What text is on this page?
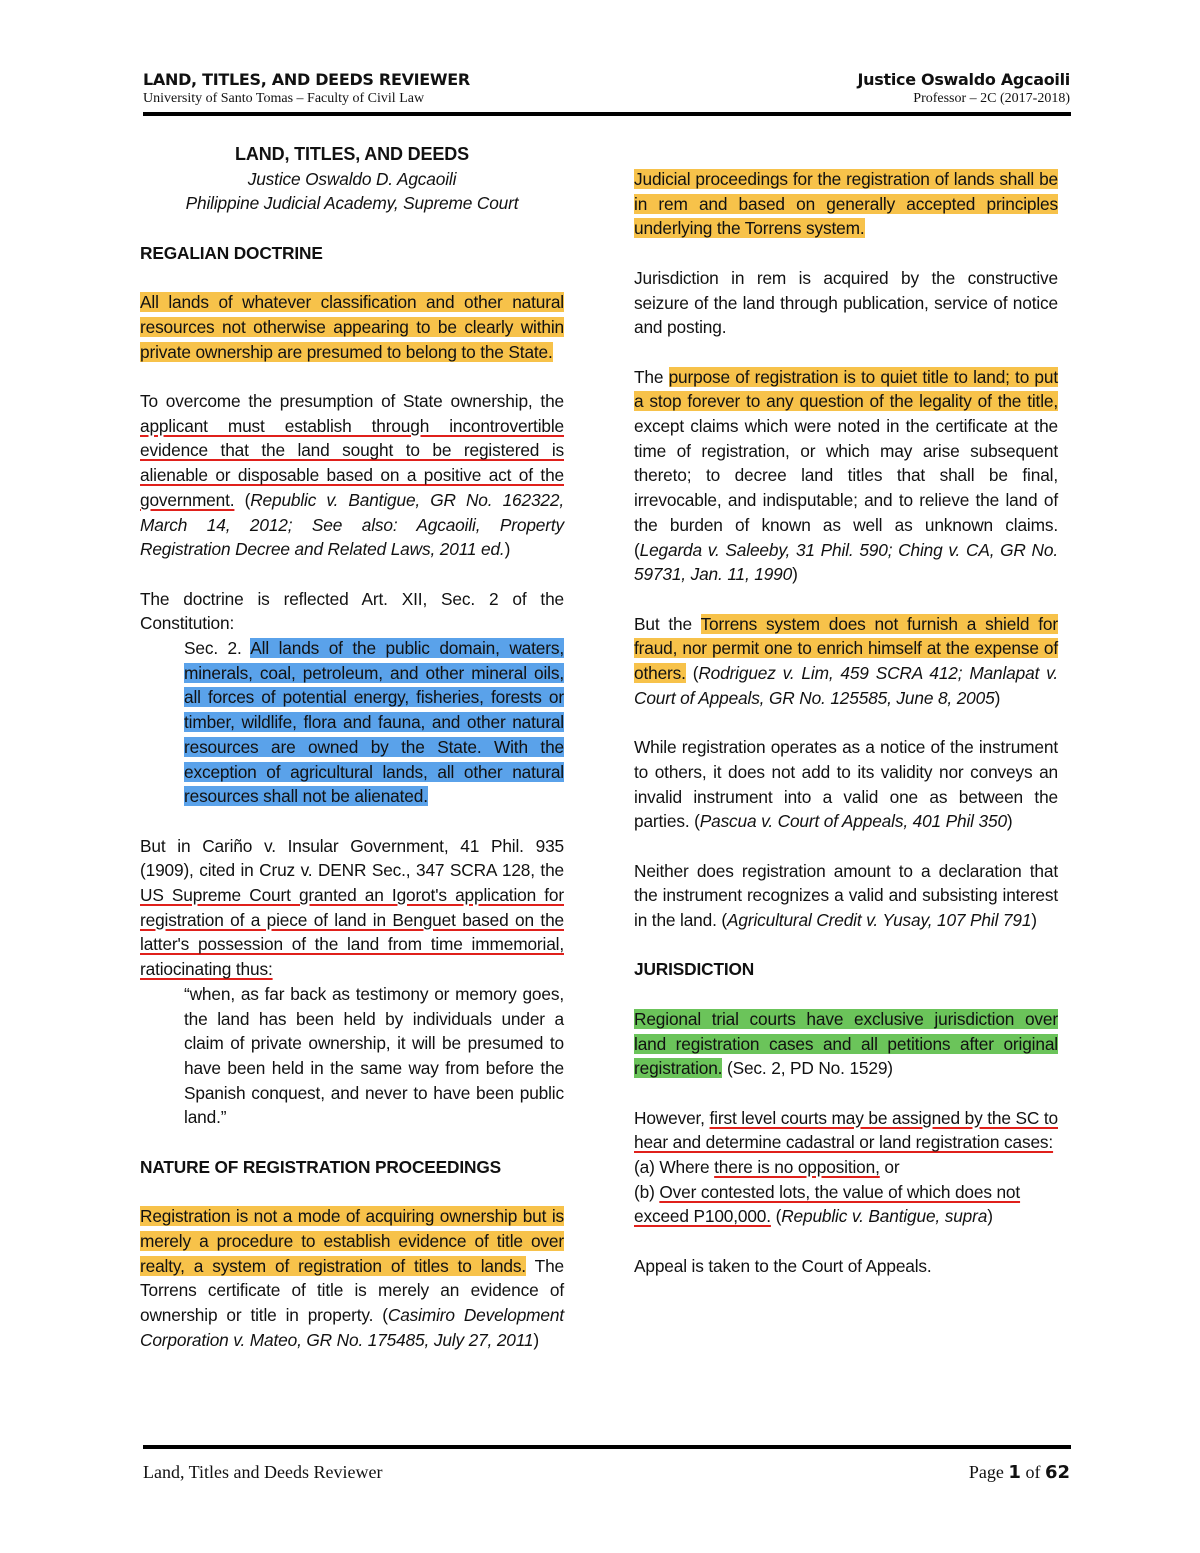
LAND, TITLES, AND DEEDS REVIEWER
University of Santo Tomas – Faculty of Civil Law
Justice Oswaldo Agcaoili
Professor – 2C (2017-2018)
LAND, TITLES, AND DEEDS
Justice Oswaldo D. Agcaoili

Philippine Judicial Academy, Supreme Court

REGALIAN DOCTRINE

All lands of whatever classification and other natural resources not otherwise appearing to be clearly within private ownership are presumed to belong to the State.

To overcome the presumption of State ownership, the applicant must establish through incontrovertible evidence that the land sought to be registered is alienable or disposable based on a positive act of the government. (Republic v. Bantigue, GR No. 162322, March 14, 2012; See also: Agcaoili, Property Registration Decree and Related Laws, 2011 ed.)

The doctrine is reflected Art. XII, Sec. 2 of the Constitution:

Sec. 2. All lands of the public domain, waters, minerals, coal, petroleum, and other mineral oils, all forces of potential energy, fisheries, forests or timber, wildlife, flora and fauna, and other natural resources are owned by the State. With the exception of agricultural lands, all other natural resources shall not be alienated.

But in Cariño v. Insular Government, 41 Phil. 935 (1909), cited in Cruz v. DENR Sec., 347 SCRA 128, the US Supreme Court granted an Igorot's application for registration of a piece of land in Benguet based on the latter's possession of the land from time immemorial, ratiocinating thus:

“when, as far back as testimony or memory goes, the land has been held by individuals under a claim of private ownership, it will be presumed to have been held in the same way from before the Spanish conquest, and never to have been public land.”

NATURE OF REGISTRATION PROCEEDINGS

Registration is not a mode of acquiring ownership but is merely a procedure to establish evidence of title over realty, a system of registration of titles to lands. The Torrens certificate of title is merely an evidence of ownership or title in property. (Casimiro Development Corporation v. Mateo, GR No. 175485, July 27, 2011)

Judicial proceedings for the registration of lands shall be in rem and based on generally accepted principles underlying the Torrens system.

Jurisdiction in rem is acquired by the constructive seizure of the land through publication, service of notice and posting.

The purpose of registration is to quiet title to land; to put a stop forever to any question of the legality of the title, except claims which were noted in the certificate at the time of registration, or which may arise subsequent thereto; to decree land titles that shall be final, irrevocable, and indisputable; and to relieve the land of the burden of known as well as unknown claims. (Legarda v. Saleeby, 31 Phil. 590; Ching v. CA, GR No. 59731, Jan. 11, 1990)

But the Torrens system does not furnish a shield for fraud, nor permit one to enrich himself at the expense of others. (Rodriguez v. Lim, 459 SCRA 412; Manlapat v. Court of Appeals, GR No. 125585, June 8, 2005)

While registration operates as a notice of the instrument to others, it does not add to its validity nor conveys an invalid instrument into a valid one as between the parties. (Pascua v. Court of Appeals, 401 Phil 350)

Neither does registration amount to a declaration that the instrument recognizes a valid and subsisting interest in the land. (Agricultural Credit v. Yusay, 107 Phil 791)

JURISDICTION

Regional trial courts have exclusive jurisdiction over land registration cases and all petitions after original registration. (Sec. 2, PD No. 1529)

However, first level courts may be assigned by the SC to hear and determine cadastral or land registration cases:
(a) Where there is no opposition, or
(b) Over contested lots, the value of which does not exceed P100,000. (Republic v. Bantigue, supra)

Appeal is taken to the Court of Appeals.

Land, Titles and Deeds Reviewer	Page 1 of 62
